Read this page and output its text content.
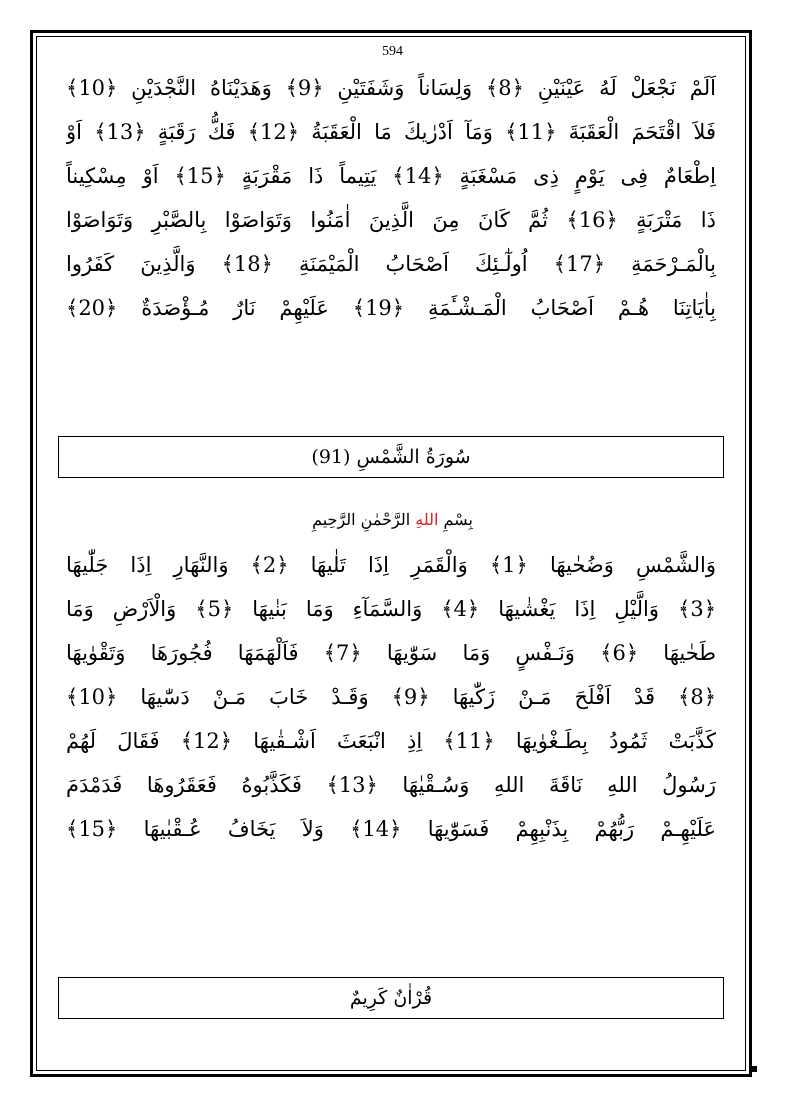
594
اَلَمْ نَجْعَلْ لَهُ عَيْنَيْنِ ﴿8﴾ وَلِسَاناً وَشَفَتَيْنِ ﴿9﴾ وَهَدَيْنَاهُ النَّجْدَيْنِ ﴿10﴾
فَلاَ اقْتَحَمَ الْعَقَبَةَ ﴿11﴾ وَمَآ اَدْرٰيكَ مَا الْعَقَبَةُ ﴿12﴾ فَكُّ رَقَبَةٍ ﴿13﴾ اَوْ
اِطْعَامٌ فِى يَوْمٍ ذِى مَسْغَبَةٍ ﴿14﴾ يَتِيماً ذَا مَقْرَبَةٍ ﴿15﴾ اَوْ مِسْكِيناً
ذَا مَتْرَبَةٍ ﴿16﴾ ثُمَّ كَانَ مِنَ الَّذِينَ اٰمَنُوا وَتَوَاصَوْا بِالصَّبْرِ وَتَوَاصَوْا
بِالْمَـرْحَمَةِ ﴿17﴾ اُولٰٓـئِكَ اَصْحَابُ الْمَيْمَنَةِ ﴿18﴾ وَالَّذِينَ كَفَرُوا
بِاٰيَاتِنَا هُـمْ اَصْحَابُ الْمَـشْـَٔمَةِ ﴿19﴾ عَلَيْهِمْ نَارٌ مُـؤْصَدَةٌ ﴿20﴾
سُورَةُ الشَّمْسِ (91)
بِسْمِ اللهِ الرَّحْمٰنِ الرَّحِيمِ
وَالشَّمْسِ وَضُحٰيهَا ﴿1﴾ وَالْقَمَرِ اِذَا تَلٰيهَا ﴿2﴾ وَالنَّهَارِ اِذَا جَلّٰيهَا
﴿3﴾ وَالَّيْلِ اِذَا يَغْشٰيهَا ﴿4﴾ وَالسَّمَآءِ وَمَا بَنٰيهَا ﴿5﴾ وَالْاَرْضِ وَمَا
طَحٰيهَا ﴿6﴾ وَنَـفْسٍ وَمَا سَوّٰيهَا ﴿7﴾ فَاَلْهَمَهَا فُجُورَهَا وَتَقْوٰيهَا
﴿8﴾ قَدْ اَفْلَحَ مَـنْ زَكّٰيهَا ﴿9﴾ وَقَـدْ خَابَ مَـنْ دَسّٰيهَا ﴿10﴾
كَذَّبَتْ ثَمُودُ بِطَـغْوٰيهَا ﴿11﴾ اِذِ انْبَعَثَ اَشْـقٰيهَا ﴿12﴾ فَقَالَ لَهُمْ
رَسُولُ اللهِ نَاقَةَ اللهِ وَسُـقْيٰهَا ﴿13﴾ فَكَذَّبُوهُ فَعَقَرُوهَا فَدَمْدَمَ
عَلَيْهِـمْ رَبُّهُمْ بِذَنْبِهِمْ فَسَوّٰيهَا ﴿14﴾ وَلاَ يَخَافُ عُـقْبٰيهَا ﴿15﴾
قُرْاٰنٌ كَرِيمٌ
